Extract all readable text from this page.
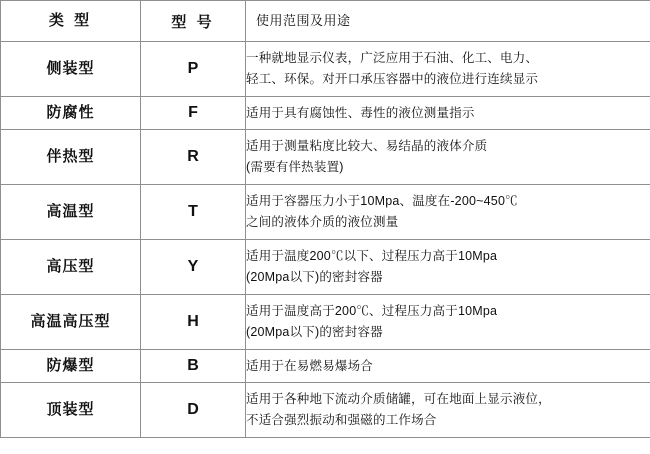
类 型	型 号	使用范围及用途
侧装型	P	一种就地显示仪表，广泛应用于石油、化工、电力、
轻工、环保。对开口承压容器中的液位进行连续显示

防腐性	F	适用于具有腐蚀性、毒性的液位测量指示

伴热型	R	适用于测量粘度比较大、易结晶的液体介质
(需要有伴热装置)

高温型	T	适用于容器压力小于10Mpa、温度在-200~450℃
之间的液体介质的液位测量

高压型	Y	适用于温度200℃以下、过程压力高于10Mpa
(20Mpa以下)的密封容器

高温高压型	H	适用于温度高于200℃、过程压力高于10Mpa
(20Mpa以下)的密封容器

防爆型	B	适用于在易燃易爆场合

顶装型	D	适用于各种地下流动介质储罐，可在地面上显示液位，
不适合强烈振动和强磁的工作场合
